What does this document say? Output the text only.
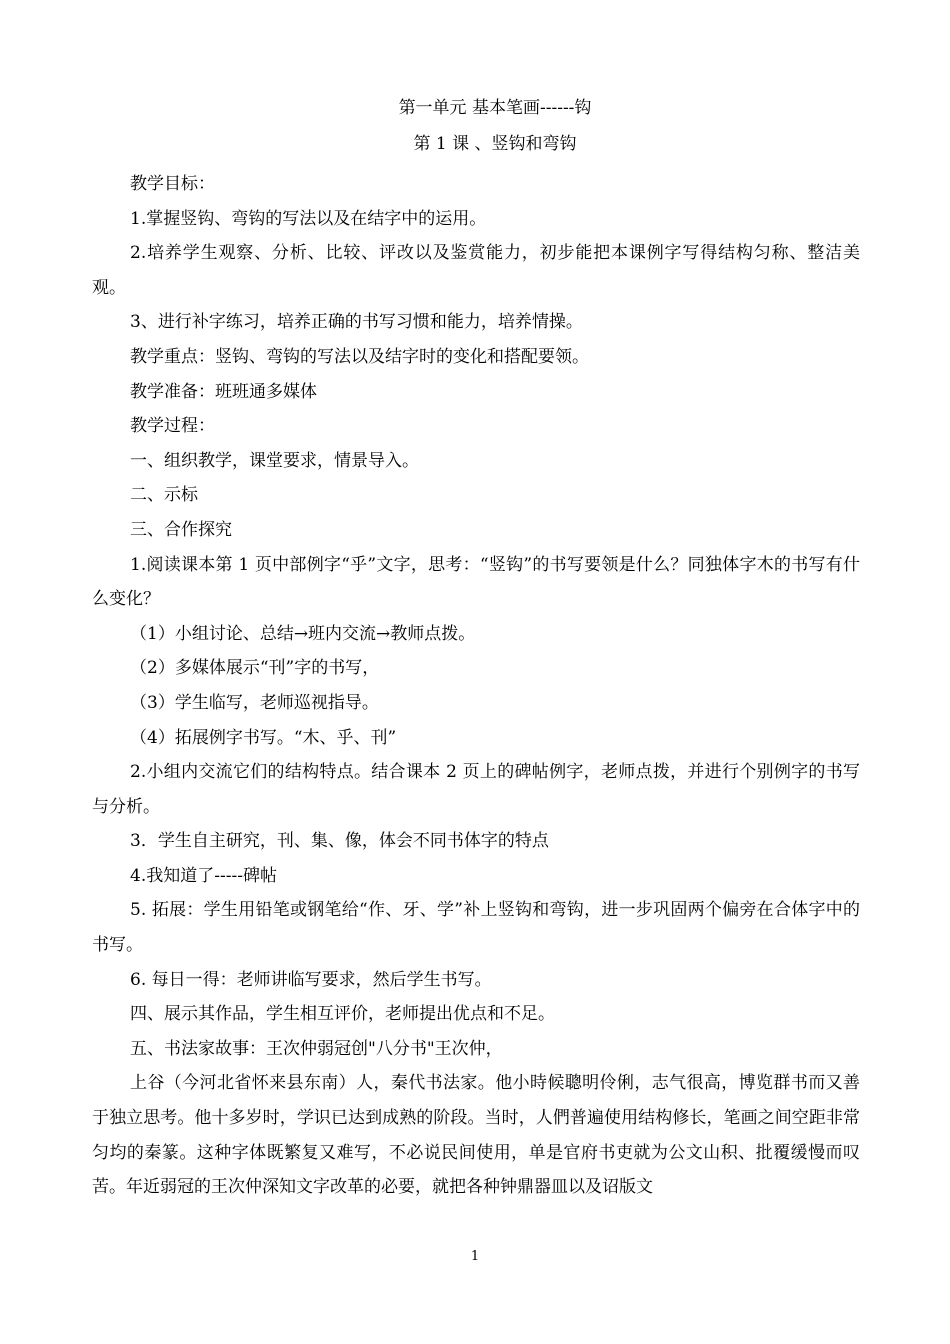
第一单元 基本笔画------钩
第 1 课 、竖钩和弯钩

教学目标：

1.掌握竖钩、弯钩的写法以及在结字中的运用。

2.培养学生观察、分析、比较、评改以及鉴赏能力，初步能把本课例字写得结构匀称、整洁美观。

3、进行补字练习，培养正确的书写习惯和能力，培养情操。

教学重点：竖钩、弯钩的写法以及结字时的变化和搭配要领。

教学准备：班班通多媒体

教学过程：

一、组织教学，课堂要求，情景导入。

二、示标

三、合作探究

1.阅读课本第 1 页中部例字“乎”文字，思考：“竖钩”的书写要领是什么？同独体字木的书写有什么变化？

（1）小组讨论、总结→班内交流→教师点拨。

（2）多媒体展示“刊”字的书写，

（3）学生临写，老师巡视指导。

（4）拓展例字书写。“木、乎、刊”

2.小组内交流它们的结构特点。结合课本 2 页上的碑帖例字，老师点拨，并进行个别例字的书写与分析。

3．学生自主研究，刊、集、像，体会不同书体字的特点

4.我知道了-----碑帖

5. 拓展：学生用铅笔或钢笔给“作、牙、学”补上竖钩和弯钩，进一步巩固两个偏旁在合体字中的书写。

6. 每日一得：老师讲临写要求，然后学生书写。

四、展示其作品，学生相互评价，老师提出优点和不足。

五、书法家故事：王次仲弱冠创"八分书"王次仲，

上谷（今河北省怀来县东南）人，秦代书法家。他小時候聰明伶俐，志气很高，博览群书而又善于独立思考。他十多岁时，学识已达到成熟的阶段。当时，人們普遍使用结构修长，笔画之间空距非常匀均的秦篆。这种字体既繁复又难写，不必说民间使用，单是官府书吏就为公文山积、批覆缓慢而叹苦。年近弱冠的王次仲深知文字改革的必要，就把各种钟鼎器皿以及诏版文

1
